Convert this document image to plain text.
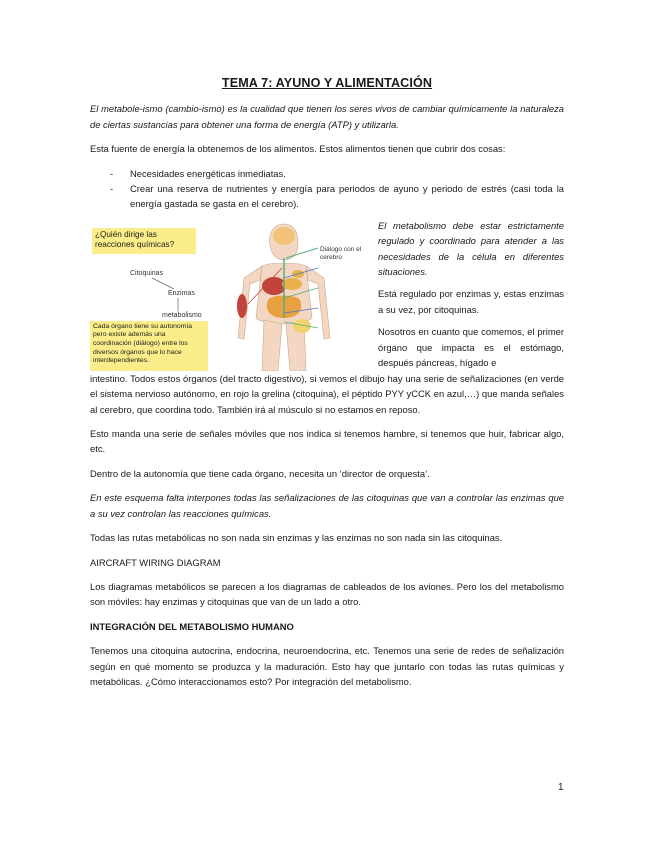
TEMA 7: AYUNO Y ALIMENTACIÓN

El metabole-ismo (cambio-ismo) es la cualidad que tienen los seres vivos de cambiar químicamente la naturaleza de ciertas sustancias para obtener una forma de energía (ATP) y utilizarla.

Esta fuente de energía la obtenemos de los alimentos. Estos alimentos tienen que cubrir dos cosas:

- Necesidades energéticas inmediatas.
- Crear una reserva de nutrientes y energía para periodos de ayuno y periodo de estrés (casi toda la energía gastada se gasta en el cerebro).
¿Quién dirige las reacciones químicas?
Citoquinas
Enzimas
metabolismo
Cada órgano tiene su autonomía pero existe además una coordinación (diálogo) entre los diversos órganos que lo hace interdependientes.
Diálogo con el cerebro

El metabolismo debe estar estrictamente regulado y coordinado para atender a las necesidades de la célula en diferentes situaciones.

Está regulado por enzimas y, estas enzimas a su vez, por citoquinas.

Nosotros en cuanto que comemos, el primer órgano que impacta es el estómago, después páncreas, hígado e

intestino. Todos estos órganos (del tracto digestivo), si vemos el dibujo hay una serie de señalizaciones (en verde el sistema nervioso autónomo, en rojo la grelina (citoquina), el péptido PYY yCCK en azul,…) que manda señales al cerebro, que coordina todo. También irá al músculo si no estamos en reposo.

Esto manda una serie de señales móviles que nos indica si tenemos hambre, si tenemos que huir, fabricar algo, etc.

Dentro de la autonomía que tiene cada órgano, necesita un ‘director de orquesta’.

En este esquema falta interpones todas las señalizaciones de las citoquinas que van a controlar las enzimas que a su vez controlan las reacciones químicas.

Todas las rutas metabólicas no son nada sin enzimas y las enzimas no son nada sin las citoquinas.

AIRCRAFT WIRING DIAGRAM

Los diagramas metabólicos se parecen a los diagramas de cableados de los aviones. Pero los del metabolismo son móviles: hay enzimas y citoquinas que van de un lado a otro.

INTEGRACIÓN DEL METABOLISMO HUMANO

Tenemos una citoquina autocrina, endocrina, neuroendocrina, etc. Tenemos una serie de redes de señalización según en qué momento se produzca y la maduración. Esto hay que juntarlo con todas las rutas químicas y metabólicas. ¿Cómo interaccionamos esto? Por integración del metabolismo.

1
